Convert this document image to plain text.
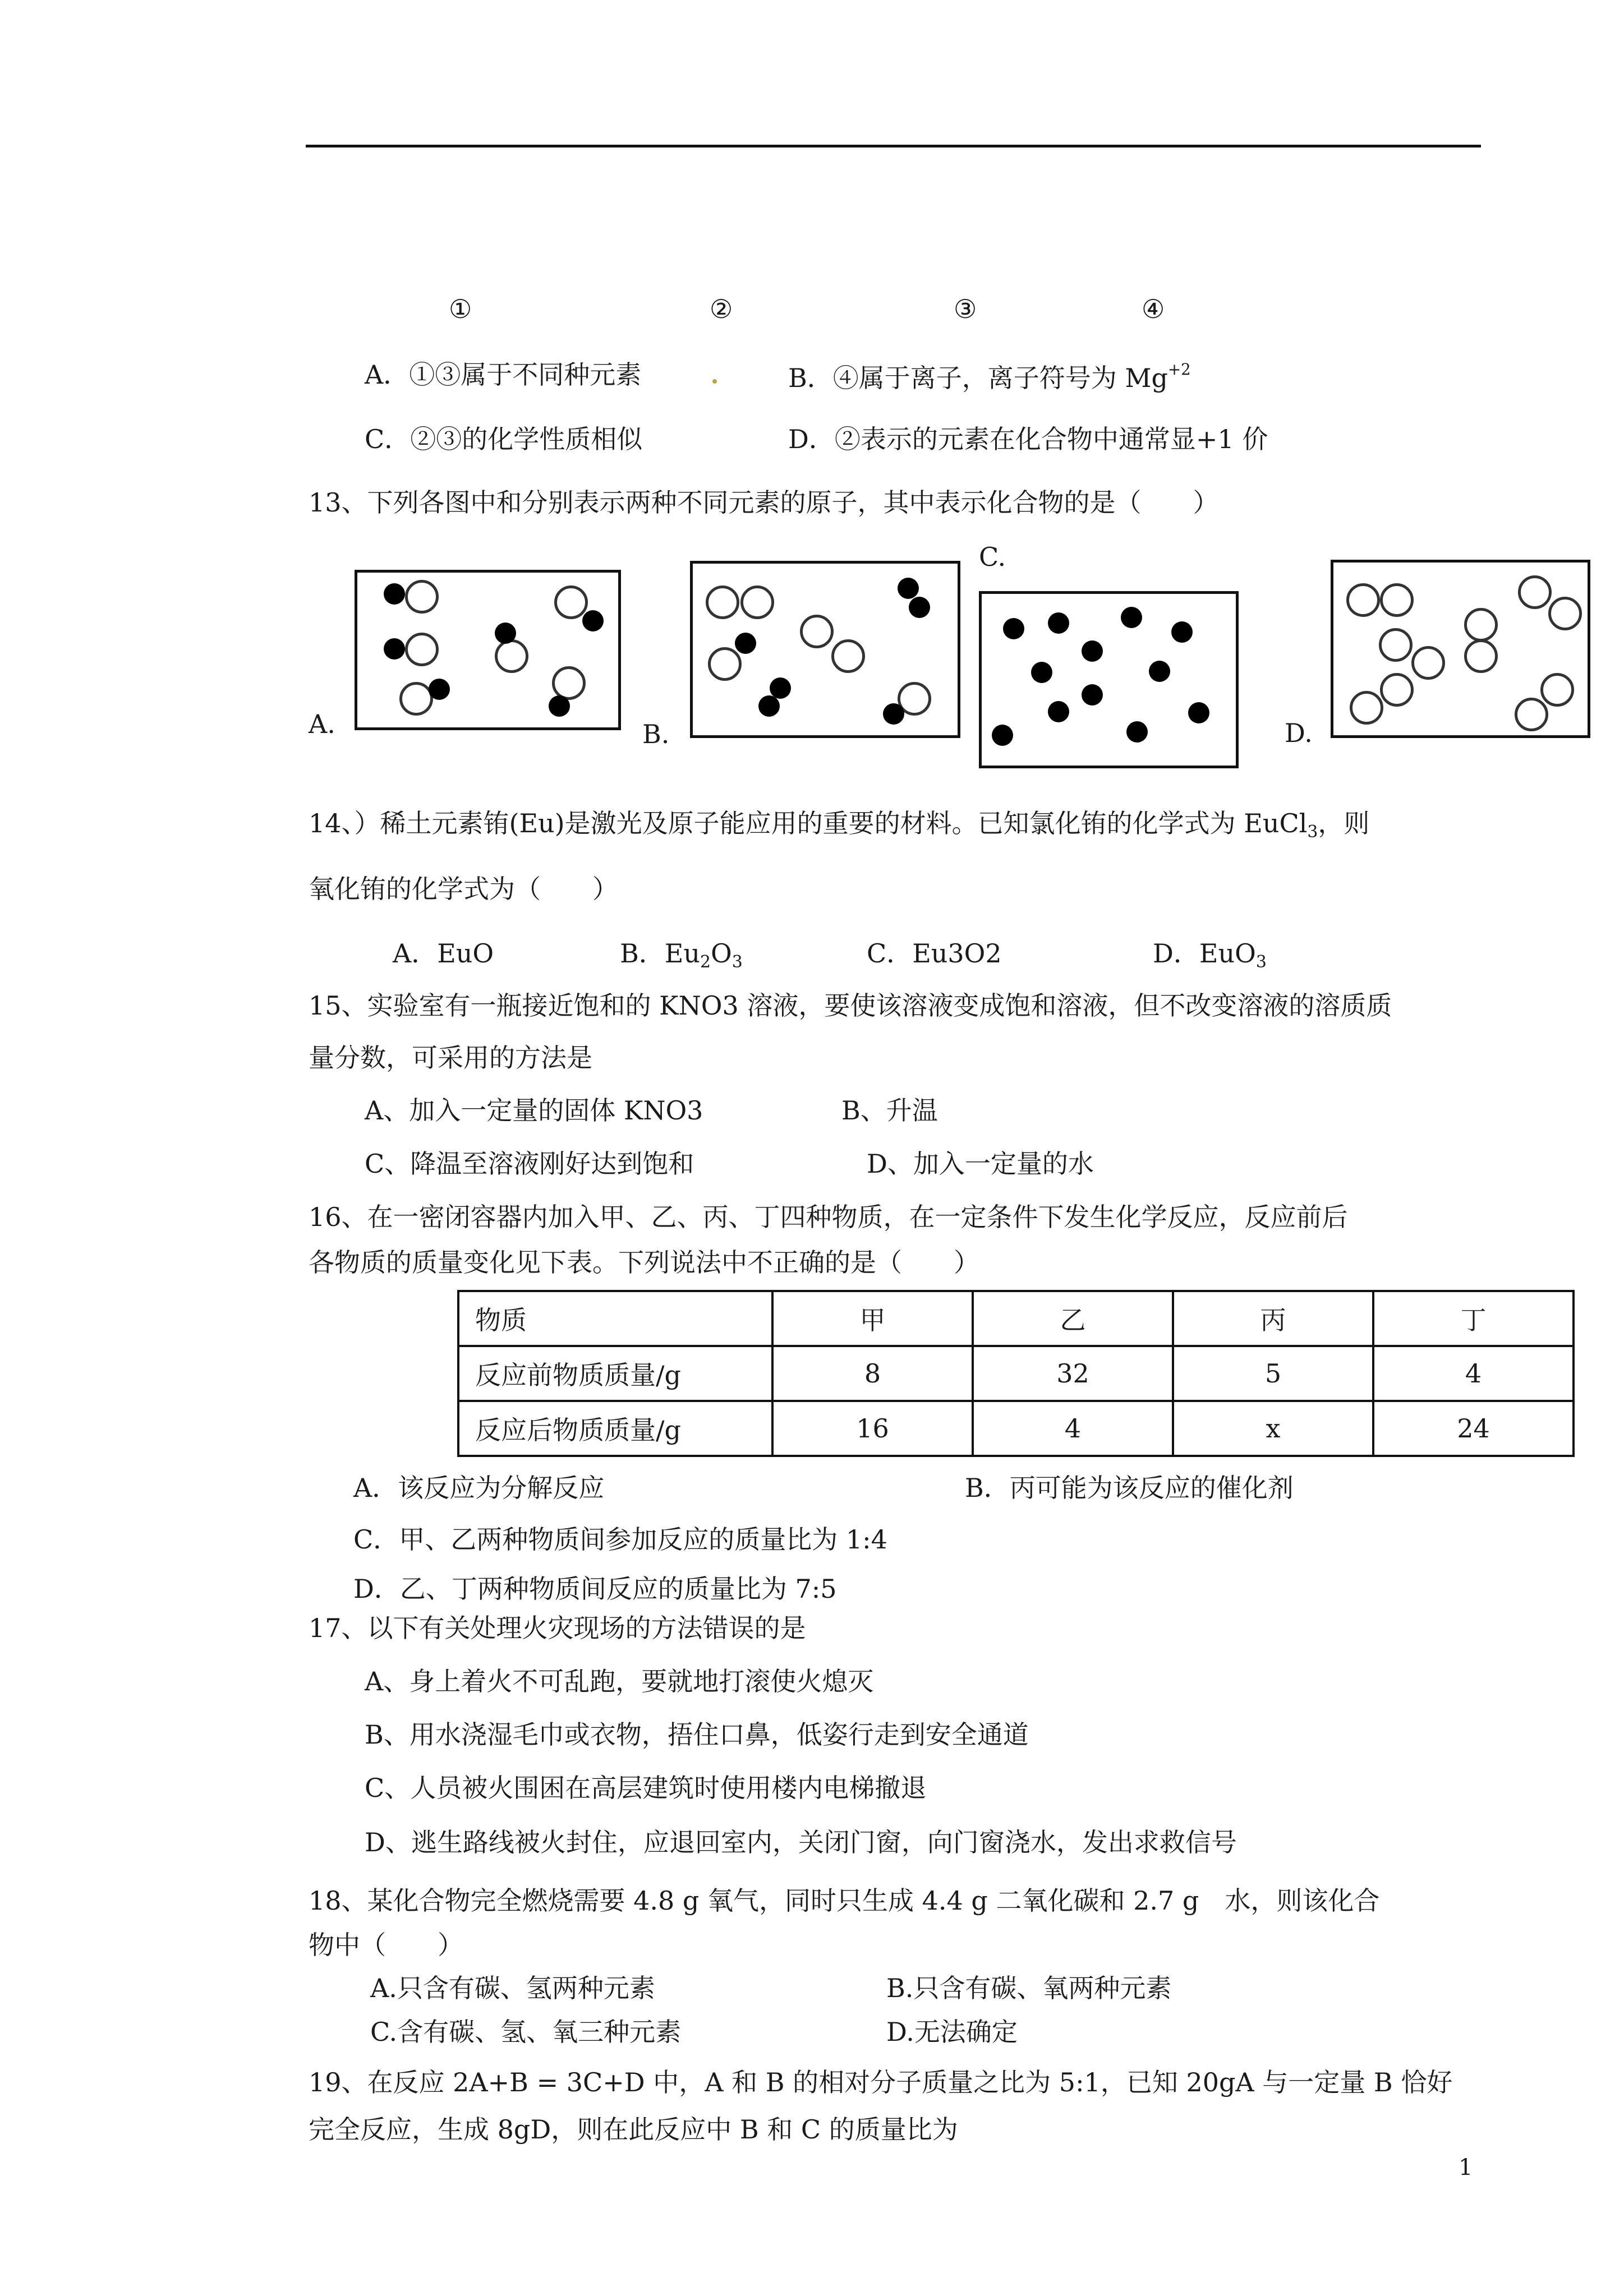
①	②	③	④
A．①③属于不同种元素	B．④属于离子，离子符号为 $Mg^{+2}$
C．②③的化学性质相似	D．②表示的元素在化合物中通常显+1 价
13、下列各图中和分别表示两种不同元素的原子，其中表示化合物的是（　　）
C.
A.	B.	D.
14、）稀土元素铕(Eu)是激光及原子能应用的重要的材料。已知氯化铕的化学式为 EuCl$_3$，则
氧化铕的化学式为（　　）
A．EuO	B．$Eu_2O_3$	C．Eu3O2	D．EuO$_3$
15、实验室有一瓶接近饱和的 KNO3 溶液，要使该溶液变成饱和溶液，但不改变溶液的溶质质
量分数，可采用的方法是
A、加入一定量的固体 KNO3	B、升温
C、降温至溶液刚好达到饱和	D、加入一定量的水
16、在一密闭容器内加入甲、乙、丙、丁四种物质，在一定条件下发生化学反应，反应前后
各物质的质量变化见下表。下列说法中不正确的是（　　）
物质	甲	乙	丙	丁
反应前物质质量/g	8	32	5	4
反应后物质质量/g	16	4	x	24
A．该反应为分解反应	B．丙可能为该反应的催化剂
C．甲、乙两种物质间参加反应的质量比为 1:4
D．乙、丁两种物质间反应的质量比为 7:5
17、以下有关处理火灾现场的方法错误的是
A、身上着火不可乱跑，要就地打滚使火熄灭
B、用水浇湿毛巾或衣物，捂住口鼻，低姿行走到安全通道
C、人员被火围困在高层建筑时使用楼内电梯撤退
D、逃生路线被火封住，应退回室内，关闭门窗，向门窗浇水，发出求救信号
18、某化合物完全燃烧需要 4.8 g 氧气，同时只生成 4.4 g 二氧化碳和 2.7 g　水，则该化合
物中（　　）
A.只含有碳、氢两种元素	B.只含有碳、氧两种元素
C.含有碳、氢、氧三种元素	D.无法确定
19、在反应 2A+B = 3C+D 中，A 和 B 的相对分子质量之比为 5:1，已知 20gA 与一定量 B 恰好
完全反应，生成 8gD，则在此反应中 B 和 C 的质量比为
1
